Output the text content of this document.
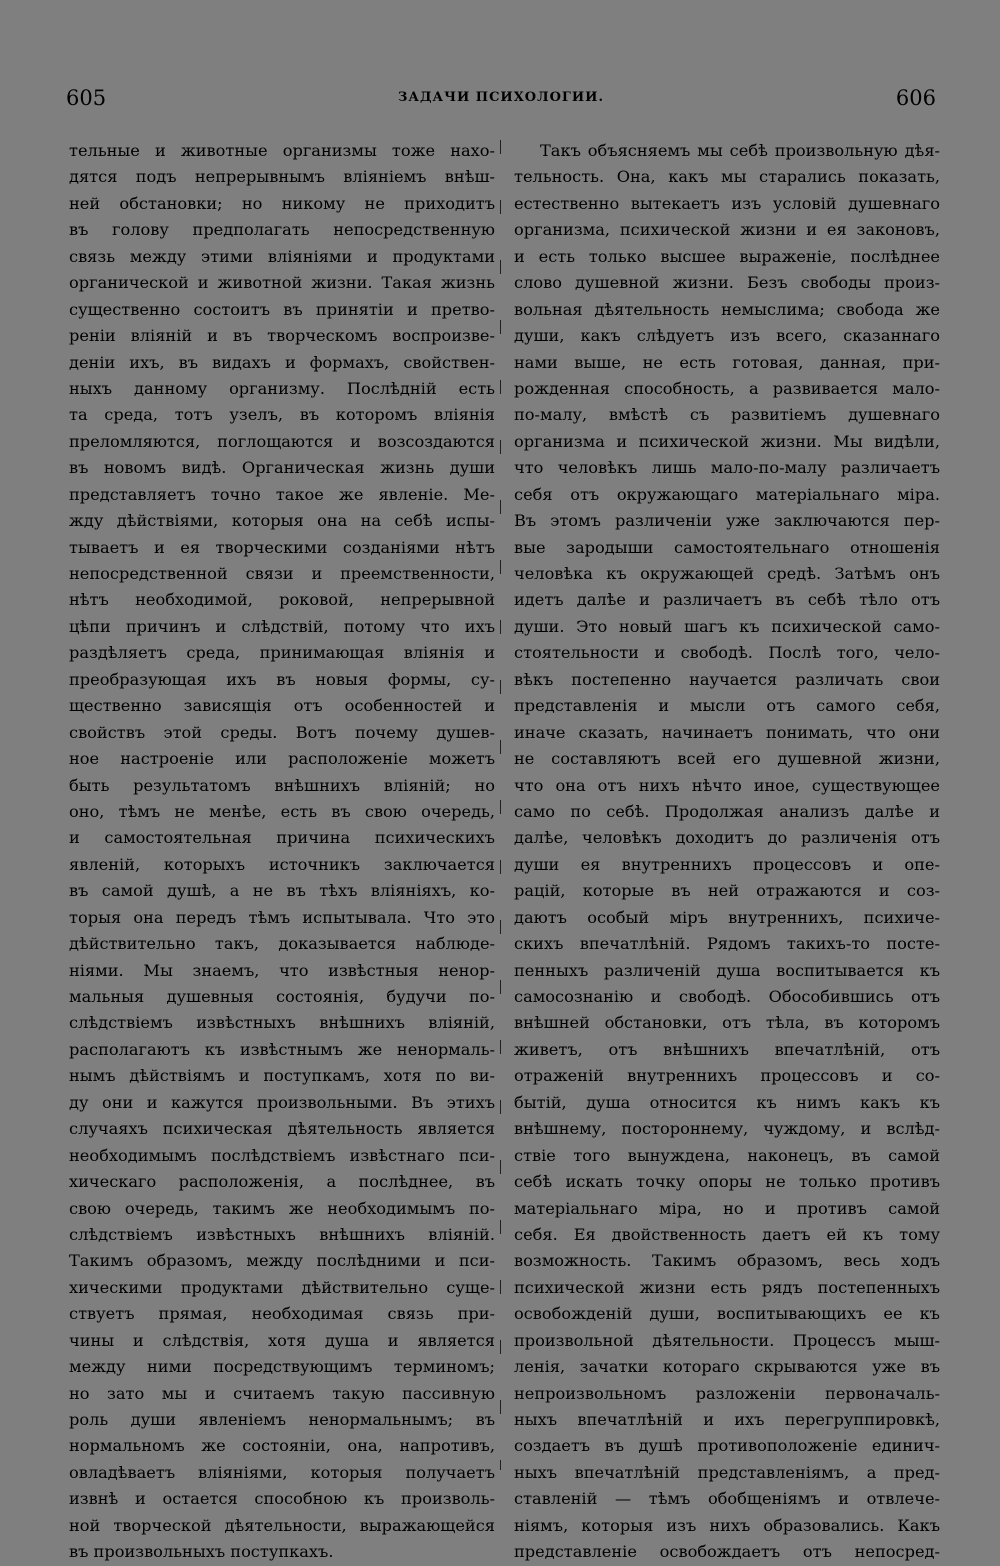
605	ЗАДАЧИ ПСИХОЛОГИИ.	606
тельные и животные организмы тоже нахо-
дятся подъ непрерывнымъ вліяніемъ внѣш-
ней обстановки; но никому не приходитъ
въ голову предполагать непосредственную
связь между этими вліяніями и продуктами
органической и животной жизни. Такая жизнь
существенно состоитъ въ принятіи и претво-
реніи вліяній и въ творческомъ воспроизве-
деніи ихъ, въ видахъ и формахъ, свойствен-
ныхъ данному организму. Послѣдній есть
та среда, тотъ узелъ, въ которомъ вліянія
преломляются, поглощаются и возсоздаются
въ новомъ видѣ. Органическая жизнь души
представляетъ точно такое же явленіе. Ме-
жду дѣйствіями, которыя она на себѣ испы-
тываетъ и ея творческими созданіями нѣтъ
непосредственной связи и преемственности,
нѣтъ необходимой, роковой, непрерывной
цѣпи причинъ и слѣдствій, потому что ихъ
раздѣляетъ среда, принимающая вліянія и
преобразующая ихъ въ новыя формы, су-
щественно зависящія отъ особенностей и
свойствъ этой среды. Вотъ почему душев-
ное настроеніе или расположеніе можетъ
быть результатомъ внѣшнихъ вліяній; но
оно, тѣмъ не менѣе, есть въ свою очередь,
и самостоятельная причина психическихъ
явленій, которыхъ источникъ заключается
въ самой душѣ, а не въ тѣхъ вліяніяхъ, ко-
торыя она передъ тѣмъ испытывала. Что это
дѣйствительно такъ, доказывается наблюде-
ніями. Мы знаемъ, что извѣстныя ненор-
мальныя душевныя состоянія, будучи по-
слѣдствіемъ извѣстныхъ внѣшнихъ вліяній,
располагаютъ къ извѣстнымъ же ненормаль-
нымъ дѣйствіямъ и поступкамъ, хотя по ви-
ду они и кажутся произвольными. Въ этихъ
случаяхъ психическая дѣятельность является
необходимымъ послѣдствіемъ извѣстнаго пси-
хическаго расположенія, а послѣднее, въ
свою очередь, такимъ же необходимымъ по-
слѣдствіемъ извѣстныхъ внѣшнихъ вліяній.
Такимъ образомъ, между послѣдними и пси-
хическими продуктами дѣйствительно суще-
ствуетъ прямая, необходимая связь при-
чины и слѣдствія, хотя душа и является
между ними посредствующимъ терминомъ;
но зато мы и считаемъ такую пассивную
роль души явленіемъ ненормальнымъ; въ
нормальномъ же состояніи, она, напротивъ,
овладѣваетъ вліяніями, которыя получаетъ
извнѣ и остается способною къ произволь-
ной творческой дѣятельности, выражающейся
въ произвольныхъ поступкахъ.
Такъ объясняемъ мы себѣ произвольную дѣя-
тельность. Она, какъ мы старались показать,
естественно вытекаетъ изъ условій душевнаго
организма, психической жизни и ея законовъ,
и есть только высшее выраженіе, послѣднее
слово душевной жизни. Безъ свободы произ-
вольная дѣятельность немыслима; свобода же
души, какъ слѣдуетъ изъ всего, сказаннаго
нами выше, не есть готовая, данная, при-
рожденная способность, а развивается мало-
по-малу, вмѣстѣ съ развитіемъ душевнаго
организма и психической жизни. Мы видѣли,
что человѣкъ лишь мало-по-малу различаетъ
себя отъ окружающаго матеріальнаго міра.
Въ этомъ различеніи уже заключаются пер-
вые зародыши самостоятельнаго отношенія
человѣка къ окружающей средѣ. Затѣмъ онъ
идетъ далѣе и различаетъ въ себѣ тѣло отъ
души. Это новый шагъ къ психической само-
стоятельности и свободѣ. Послѣ того, чело-
вѣкъ постепенно научается различать свои
представленія и мысли отъ самого себя,
иначе сказать, начинаетъ понимать, что они
не составляютъ всей его душевной жизни,
что она отъ нихъ нѣчто иное, существующее
само по себѣ. Продолжая анализъ далѣе и
далѣе, человѣкъ доходитъ до различенія отъ
души ея внутреннихъ процессовъ и опе-
рацій, которые въ ней отражаются и соз-
даютъ особый міръ внутреннихъ, психиче-
скихъ впечатлѣній. Рядомъ такихъ-то посте-
пенныхъ различеній душа воспитывается къ
самосознанію и свободѣ. Обособившись отъ
внѣшней обстановки, отъ тѣла, въ которомъ
живетъ, отъ внѣшнихъ впечатлѣній, отъ
отраженій внутреннихъ процессовъ и со-
бытій, душа относится къ нимъ какъ къ
внѣшнему, постороннему, чуждому, и вслѣд-
ствіе того вынуждена, наконецъ, въ самой
себѣ искать точку опоры не только противъ
матеріальнаго міра, но и противъ самой
себя. Ея двойственность даетъ ей къ тому
возможность. Такимъ образомъ, весь ходъ
психической жизни есть рядъ постепенныхъ
освобожденій души, воспитывающихъ ее къ
произвольной дѣятельности. Процессъ мыш-
ленія, зачатки котораго скрываются уже въ
непроизвольномъ разложеніи первоначаль-
ныхъ впечатлѣній и ихъ перегруппировкѣ,
создаетъ въ душѣ противоположеніе единич-
ныхъ впечатлѣній представленіямъ, а пред-
ставленій — тѣмъ обобщеніямъ и отвлече-
ніямъ, которыя изъ нихъ образовались. Какъ
представленіе освобождаетъ отъ непосред-
